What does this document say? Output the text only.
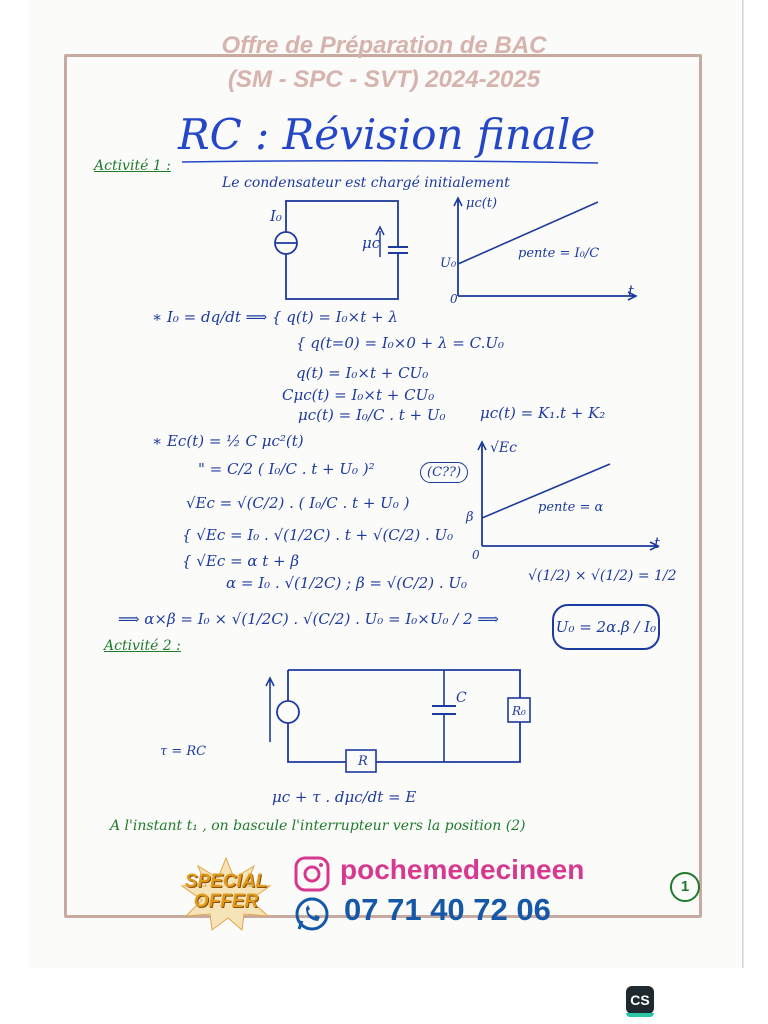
Offre de Préparation de BAC
(SM - SPC - SVT) 2024-2025
RC : Révision finale
Activité 1 :
Le condensateur est chargé initialement
I₀
μc
μc(t)
t
U₀
0
pente = I₀/C
∗ I₀ = dq/dt ⟹ { q(t) = I₀×t + λ
{ q(t=0) = I₀×0 + λ = C.U₀
q(t) = I₀×t + CU₀
Cμc(t) = I₀×t + CU₀
μc(t) = I₀/C . t + U₀ μc(t) = K₁.t + K₂
∗ Ec(t) = ½ C μc²(t)
" = C/2 ( I₀/C . t + U₀ )²	(C??)
√Ec = √(C/2) . ( I₀/C . t + U₀ )
{ √Ec = I₀ . √(1/2C) . t + √(C/2) . U₀
{ √Ec = α t + β
α = I₀ . √(1/2C) ; β = √(C/2) . U₀	√(1/2) × √(1/2) = 1/2
⟹ α×β = I₀ × √(1/2C) . √(C/2) . U₀ = I₀×U₀ / 2 ⟹	U₀ = 2α.β / I₀
√Ec
t
β
0
pente = α
Activité 2 :
C
R₀
R
τ = RC
μc + τ . dμc/dt = E
A l'instant t₁ , on bascule l'interrupteur vers la position (2)
SPECIAL
OFFER
pochemedecineen
07 71 40 72 06
1
CS
